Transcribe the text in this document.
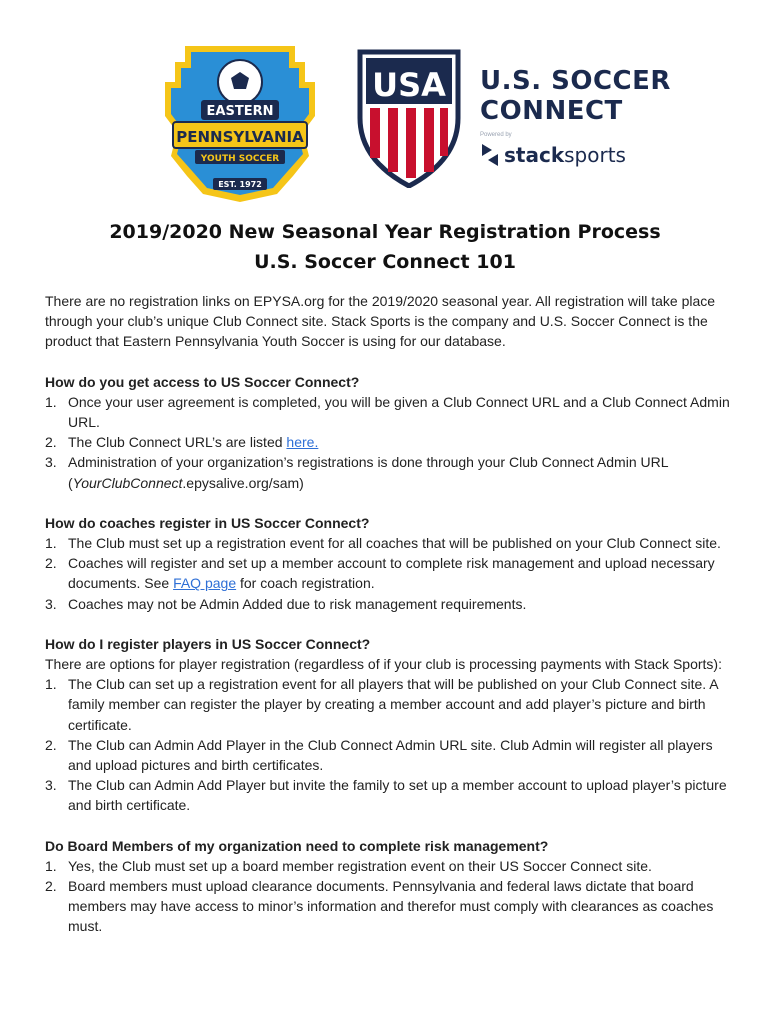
EASTERN
PENNSYLVANIA
YOUTH SOCCER
EST. 1972
USA U.S. SOCCER

CONNECT

Powered by
stacksports
2019/2020 New Seasonal Year Registration Process
U.S. Soccer Connect 101

There are no registration links on EPYSA.org for the 2019/2020 seasonal year. All registration will take place through your club’s unique Club Connect site. Stack Sports is the company and U.S. Soccer Connect is the product that Eastern Pennsylvania Youth Soccer is using for our database.

How do you get access to US Soccer Connect?

1. Once your user agreement is completed, you will be given a Club Connect URL and a Club Connect Admin URL.
2. The Club Connect URL’s are listed here.
3. Administration of your organization’s registrations is done through your Club Connect Admin URL (YourClubConnect.epysalive.org/sam)

How do coaches register in US Soccer Connect?

1. The Club must set up a registration event for all coaches that will be published on your Club Connect site.
2. Coaches will register and set up a member account to complete risk management and upload necessary documents. See FAQ page for coach registration.
3. Coaches may not be Admin Added due to risk management requirements.

How do I register players in US Soccer Connect?

There are options for player registration (regardless of if your club is processing payments with Stack Sports):

1. The Club can set up a registration event for all players that will be published on your Club Connect site. A family member can register the player by creating a member account and add player’s picture and birth certificate.
2. The Club can Admin Add Player in the Club Connect Admin URL site. Club Admin will register all players and upload pictures and birth certificates.
3. The Club can Admin Add Player but invite the family to set up a member account to upload player’s picture and birth certificate.

Do Board Members of my organization need to complete risk management?

1. Yes, the Club must set up a board member registration event on their US Soccer Connect site.
2. Board members must upload clearance documents. Pennsylvania and federal laws dictate that board members may have access to minor’s information and therefor must comply with clearances as coaches must.
